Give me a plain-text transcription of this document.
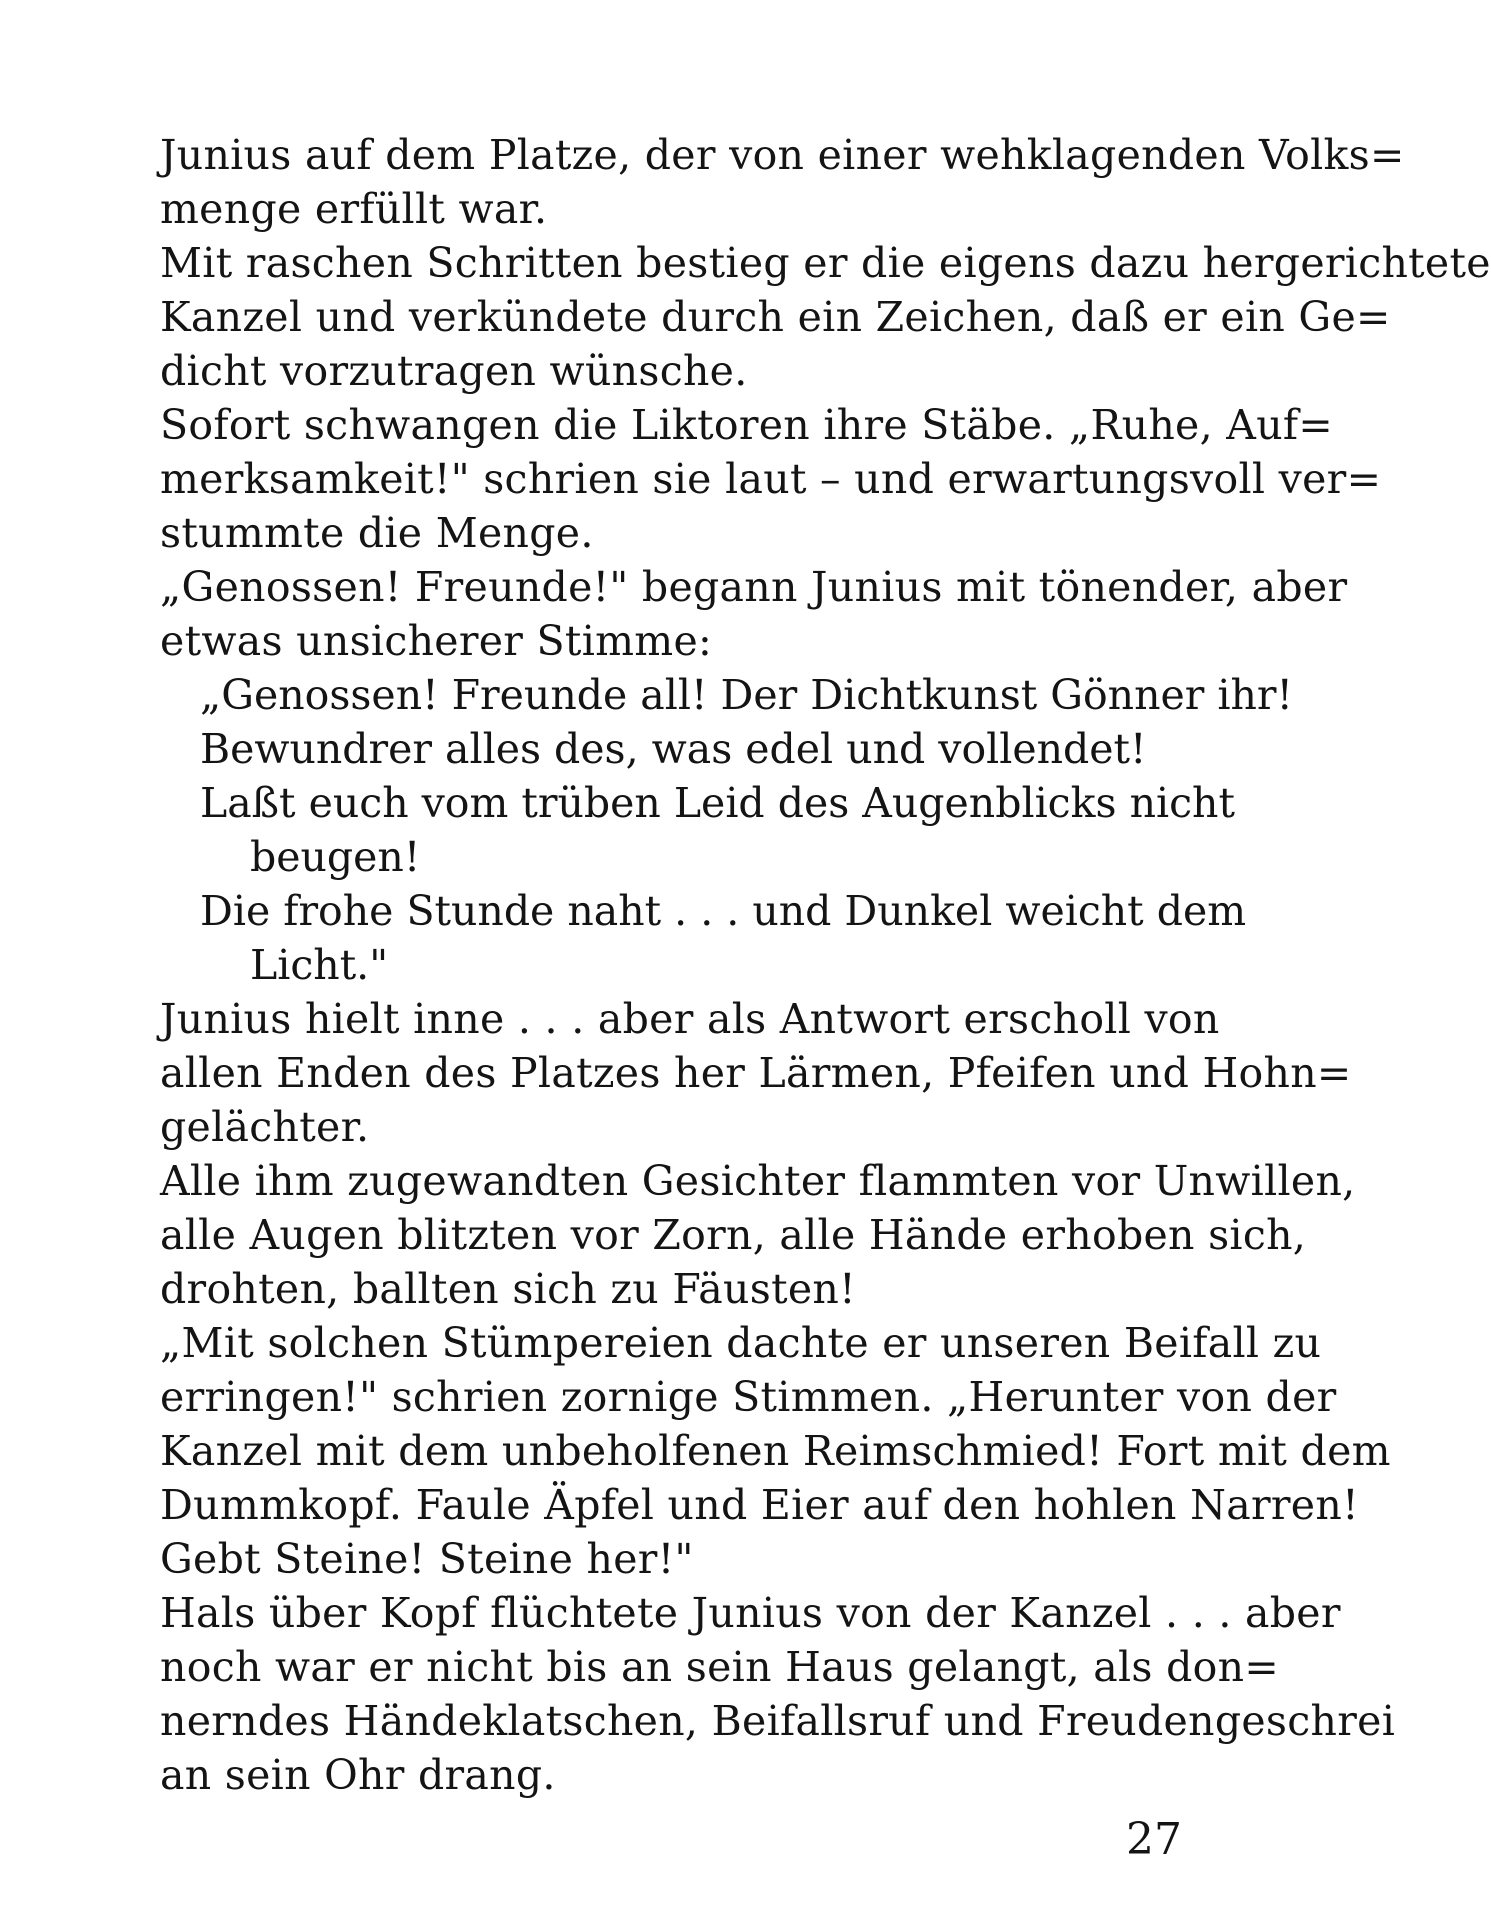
Junius auf dem Platze, der von einer wehklagenden Volks=
menge erfüllt war.
Mit raschen Schritten bestieg er die eigens dazu hergerichtete
Kanzel und verkündete durch ein Zeichen, daß er ein Ge=
dicht vorzutragen wünsche.
Sofort schwangen die Liktoren ihre Stäbe. „Ruhe, Auf=
merksamkeit!" schrien sie laut – und erwartungsvoll ver=
stummte die Menge.
„Genossen! Freunde!" begann Junius mit tönender, aber
etwas unsicherer Stimme:
„Genossen! Freunde all! Der Dichtkunst Gönner ihr!
Bewundrer alles des, was edel und vollendet!
Laßt euch vom trüben Leid des Augenblicks nicht
beugen!
Die frohe Stunde naht . . . und Dunkel weicht dem
Licht."
Junius hielt inne . . . aber als Antwort erscholl von
allen Enden des Platzes her Lärmen, Pfeifen und Hohn=
gelächter.
Alle ihm zugewandten Gesichter flammten vor Unwillen,
alle Augen blitzten vor Zorn, alle Hände erhoben sich,
drohten, ballten sich zu Fäusten!
„Mit solchen Stümpereien dachte er unseren Beifall zu
erringen!" schrien zornige Stimmen. „Herunter von der
Kanzel mit dem unbeholfenen Reimschmied! Fort mit dem
Dummkopf. Faule Äpfel und Eier auf den hohlen Narren!
Gebt Steine! Steine her!"
Hals über Kopf flüchtete Junius von der Kanzel . . . aber
noch war er nicht bis an sein Haus gelangt, als don=
nerndes Händeklatschen, Beifallsruf und Freudengeschrei
an sein Ohr drang.
27
